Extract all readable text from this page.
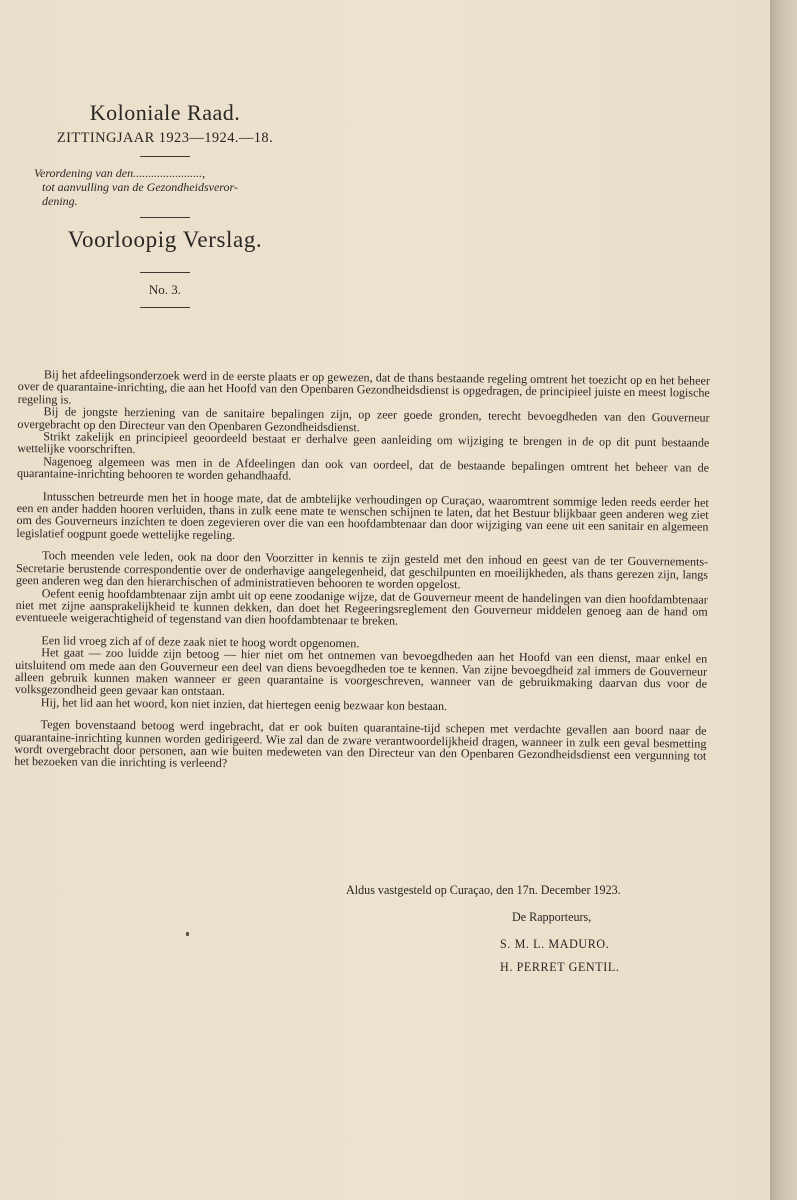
Koloniale Raad.
ZITTINGJAAR 1923—1924.—18.
Verordening van den.......................,
tot aanvulling van de Gezondheidsveror-
dening.
Voorloopig Verslag.
No. 3.

Bij het afdeelingsonderzoek werd in de eerste plaats er op gewezen, dat de thans bestaande regeling omtrent het toezicht op en het beheer over de quarantaine-inrichting, die aan het Hoofd van den Openbaren Gezondheidsdienst is opgedragen, de principieel juiste en meest logische regeling is.

Bij de jongste herziening van de sanitaire bepalingen zijn, op zeer goede gronden, terecht bevoegdheden van den Gouverneur overgebracht op den Directeur van den Openbaren Gezondheidsdienst.

Strikt zakelijk en principieel geoordeeld bestaat er derhalve geen aanleiding om wijziging te brengen in de op dit punt bestaande wettelijke voorschriften.

Nagenoeg algemeen was men in de Afdeelingen dan ook van oordeel, dat de bestaande bepalingen omtrent het beheer van de quarantaine-inrichting behooren te worden gehandhaafd.

Intusschen betreurde men het in hooge mate, dat de ambtelijke verhoudingen op Curaçao, waaromtrent sommige leden reeds eerder het een en ander hadden hooren verluiden, thans in zulk eene mate te wenschen schijnen te laten, dat het Bestuur blijkbaar geen anderen weg ziet om des Gouverneurs inzichten te doen zegevieren over die van een hoofdambtenaar dan door wijziging van eene uit een sanitair en algemeen legislatief oogpunt goede wettelijke regeling.

Toch meenden vele leden, ook na door den Voorzitter in kennis te zijn gesteld met den inhoud en geest van de ter Gouvernements-Secretarie berustende correspondentie over de onderhavige aangelegenheid, dat geschilpunten en moeilijkheden, als thans gerezen zijn, langs geen anderen weg dan den hierarchischen of administratieven behooren te worden opgelost.

Oefent eenig hoofdambtenaar zijn ambt uit op eene zoodanige wijze, dat de Gouverneur meent de handelingen van dien hoofdambtenaar niet met zijne aansprakelijkheid te kunnen dekken, dan doet het Regeeringsreglement den Gouverneur middelen genoeg aan de hand om eventueele weigerachtigheid of tegenstand van dien hoofdambtenaar te breken.

Een lid vroeg zich af of deze zaak niet te hoog wordt opgenomen.

Het gaat — zoo luidde zijn betoog — hier niet om het ontnemen van bevoegdheden aan het Hoofd van een dienst, maar enkel en uitsluitend om mede aan den Gouverneur een deel van diens bevoegdheden toe te kennen. Van zijne bevoegdheid zal immers de Gouverneur alleen gebruik kunnen maken wanneer er geen quarantaine is voorgeschreven, wanneer van de gebruikmaking daarvan dus voor de volksgezondheid geen gevaar kan ontstaan.

Hij, het lid aan het woord, kon niet inzien, dat hiertegen eenig bezwaar kon bestaan.

Tegen bovenstaand betoog werd ingebracht, dat er ook buiten quarantaine-tijd schepen met verdachte gevallen aan boord naar de quarantaine-inrichting kunnen worden gedirigeerd. Wie zal dan de zware verantwoordelijkheid dragen, wanneer in zulk een geval besmetting wordt overgebracht door personen, aan wie buiten medeweten van den Directeur van den Openbaren Gezondheidsdienst een vergunning tot het bezoeken van die inrichting is verleend?

Aldus vastgesteld op Curaçao, den 17n. December 1923.
De Rapporteurs,
S. M. L. MADURO.
H. PERRET GENTIL.
